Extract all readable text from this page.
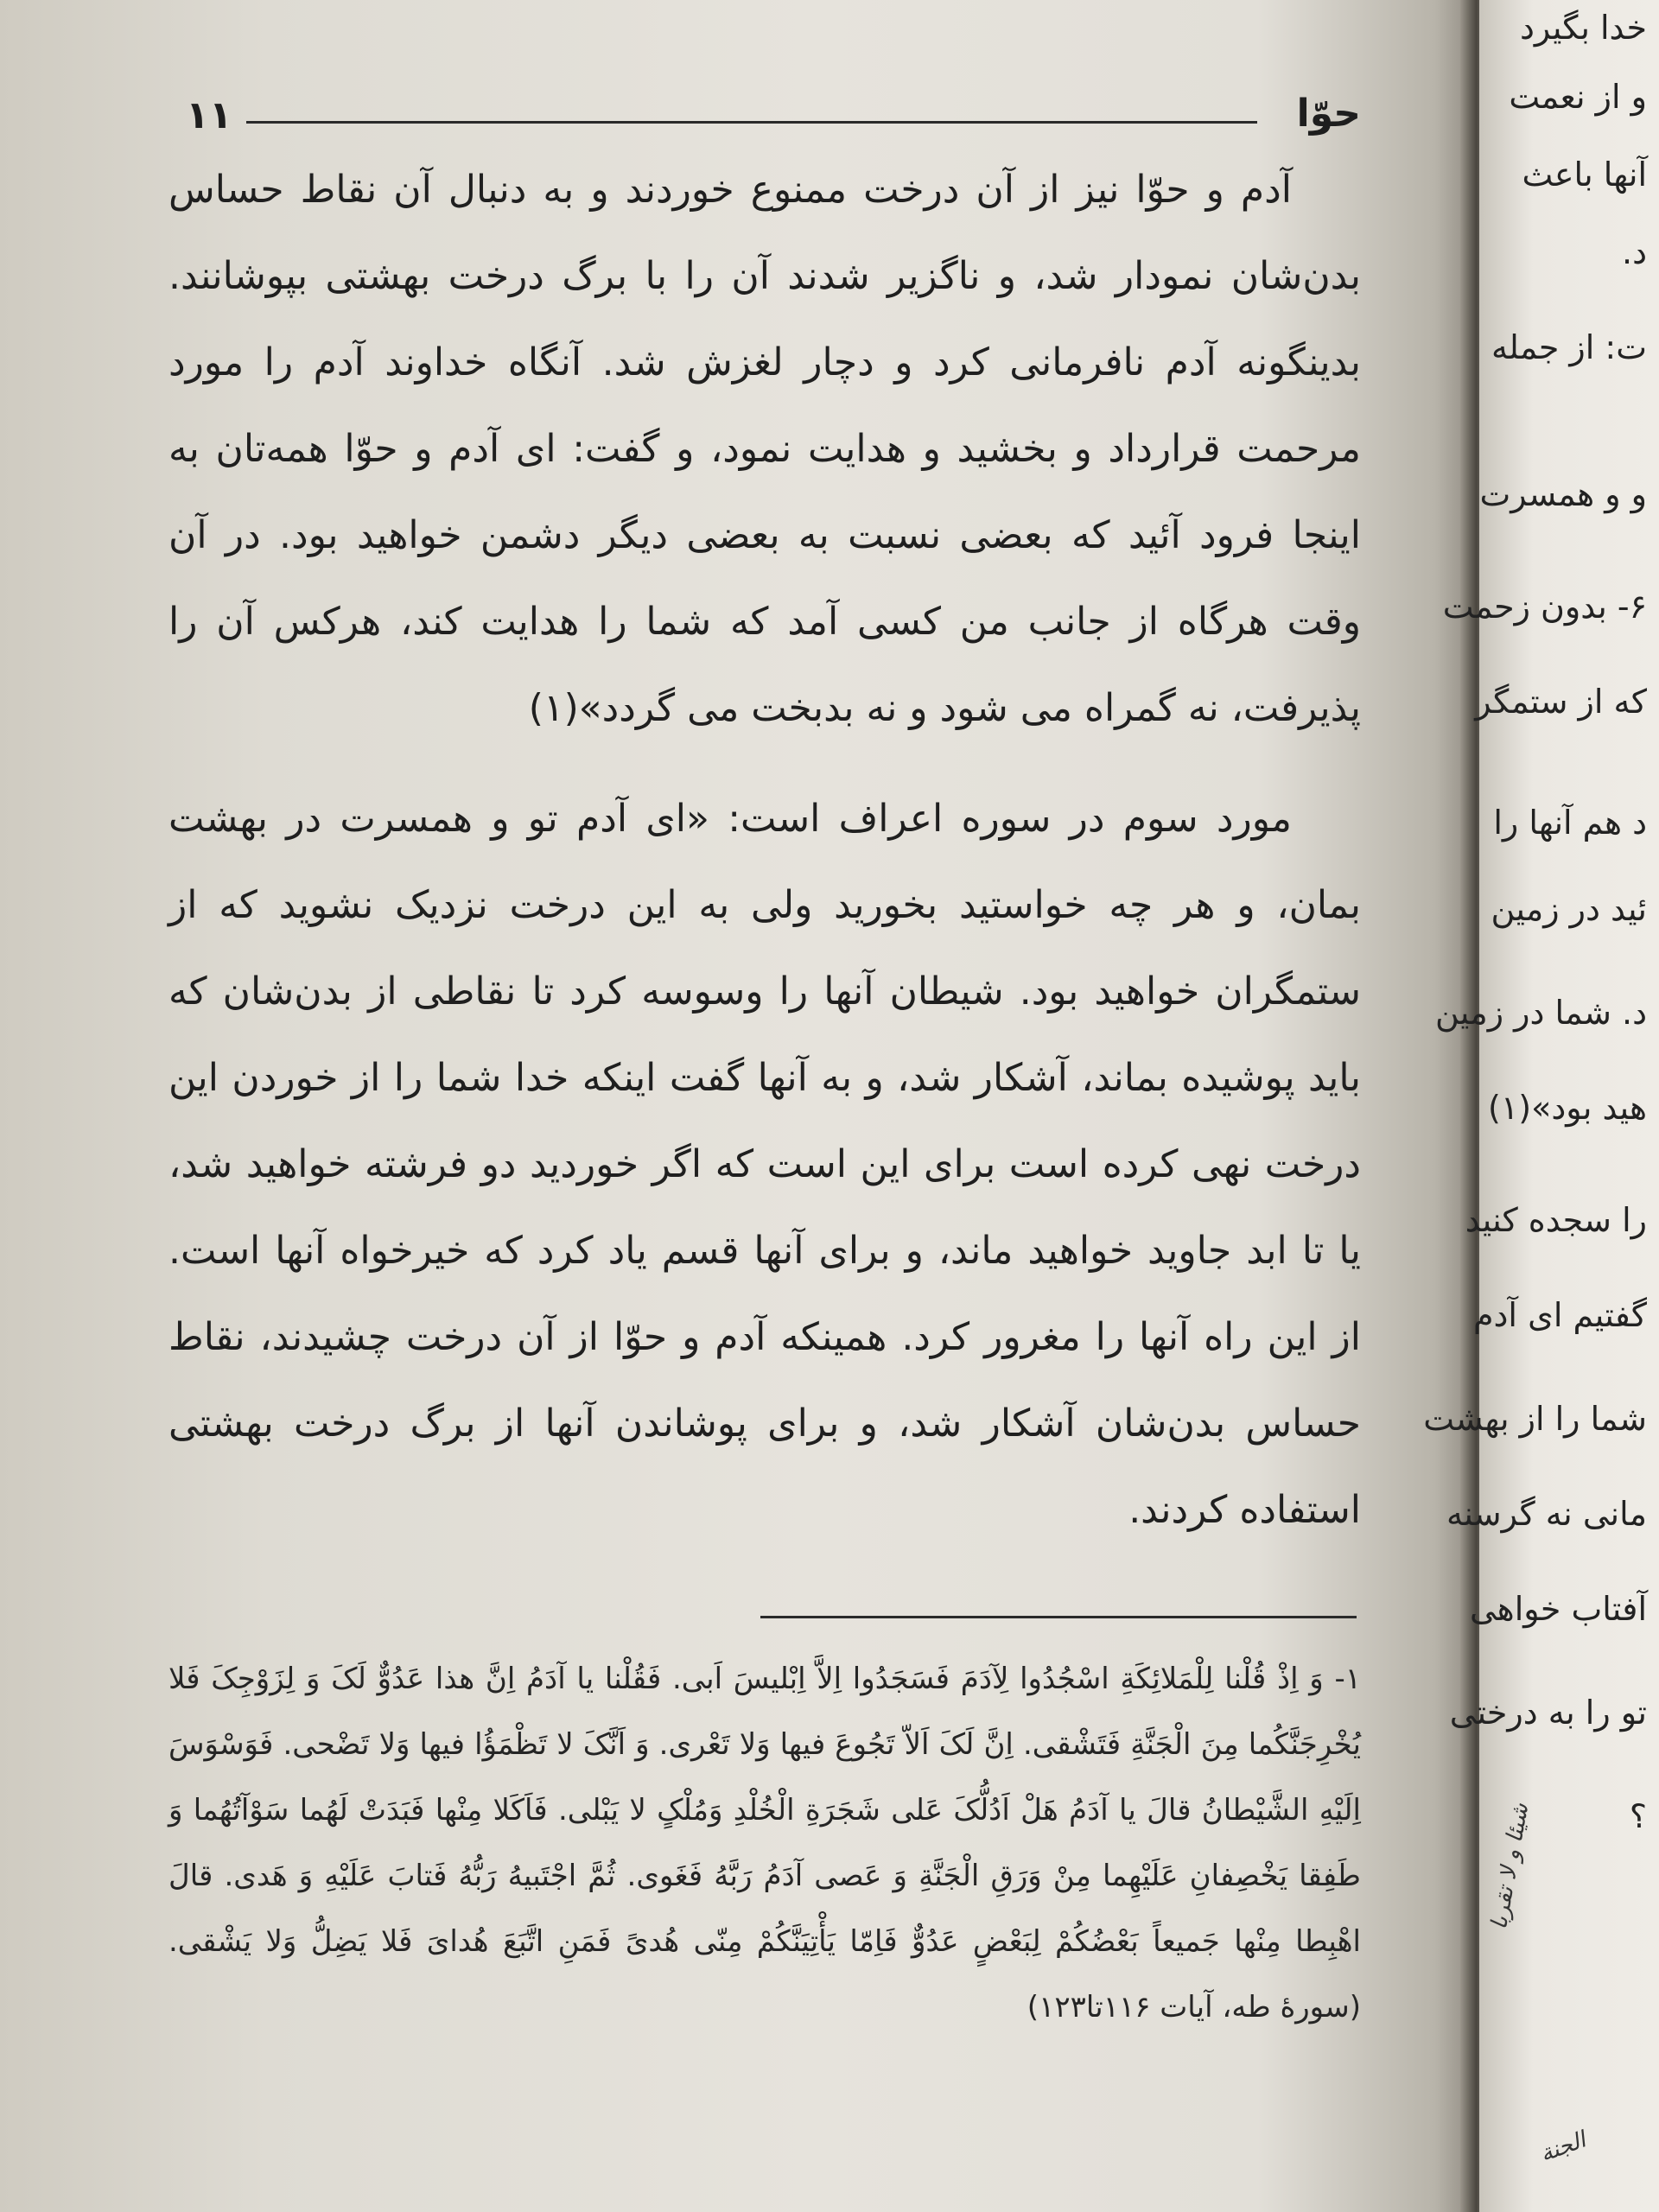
۱۱	حوّا

آدم و حوّا نیز از آن درخت ممنوع خوردند و به دنبال آن نقاط حساس بدن‌شان نمودار شد، و ناگزیر شدند آن را با برگ درخت بهشتی بپوشانند. بدینگونه آدم نافرمانی کرد و دچار لغزش شد. آنگاه خداوند آدم را مورد مرحمت قرارداد و بخشید و هدایت نمود، و گفت: ای آدم و حوّا همه‌تان به اینجا فرود آئید که بعضی نسبت به بعضی دیگر دشمن خواهید بود. در آن وقت هرگاه از جانب من کسی آمد که شما را هدایت کند، هرکس آن را پذیرفت، نه گمراه می شود و نه بدبخت می گردد»(۱)

مورد سوم در سوره اعراف است: «ای آدم تو و همسرت در بهشت بمان، و هر چه خواستید بخورید ولی به این درخت نزدیک نشوید که از ستمگران خواهید بود. شیطان آنها را وسوسه کرد تا نقاطی از بدن‌شان که باید پوشیده بماند، آشکار شد، و به آنها گفت اینکه خدا شما را از خوردن این درخت نهی کرده است برای این است که اگر خوردید دو فرشته خواهید شد، یا تا ابد جاوید خواهید ماند، و برای آنها قسم یاد کرد که خیرخواه آنها است. از این راه آنها را مغرور کرد. همینکه آدم و حوّا از آن درخت چشیدند، نقاط حساس بدن‌شان آشکار شد، و برای پوشاندن آنها از برگ درخت بهشتی استفاده کردند.

۱- وَ اِذْ قُلْنا لِلْمَلائِکَةِ اسْجُدُوا لِآدَمَ فَسَجَدُوا اِلاَّ اِبْلیسَ اَبی. فَقُلْنا یا آدَمُ اِنَّ هذا عَدُوٌّ لَکَ وَ لِزَوْجِکَ فَلا یُخْرِجَنَّکُما مِنَ الْجَنَّةِ فَتَشْقی. اِنَّ لَکَ اَلاّ تَجُوعَ فیها وَلا تَعْری. وَ اَنَّکَ لا تَظْمَؤُا فیها وَلا تَضْحی. فَوَسْوَسَ اِلَیْهِ الشَّیْطانُ قالَ یا آدَمُ هَلْ اَدُلُّکَ عَلی شَجَرَةِ الْخُلْدِ وَمُلْکٍ لا یَبْلی. فَاَکَلا مِنْها فَبَدَتْ لَهُما سَوْآتُهُما وَ طَفِقا یَخْصِفانِ عَلَیْهِما مِنْ وَرَقِ الْجَنَّةِ وَ عَصی آدَمُ رَبَّهُ فَغَوی. ثُمَّ اجْتَبیهُ رَبُّهُ فَتابَ عَلَیْهِ وَ هَدی. قالَ اهْبِطا مِنْها جَمیعاً بَعْضُکُمْ لِبَعْضٍ عَدُوٌّ فَاِمّا یَأْتِیَنَّکُمْ مِنّی هُدیً فَمَنِ اتَّبَعَ هُدایَ فَلا یَضِلُّ وَلا یَشْقی. (سورهٔ طه، آیات ۱۱۶تا۱۲۳)
خدا بگیرد
و از نعمت
آنها باعث
د.
ت: از جمله
و و همسرت
۶- بدون زحمت
که از ستمگر
د هم آنها را
ئید در زمین
د. شما در زمین
هید بود»(۱)
را سجده کنید
گفتیم ای آدم
شما را از بهشت
مانی نه گرسنه
آفتاب خواهی
تو را به درختی
؟
شیئا و لا تقربا
الجنة
